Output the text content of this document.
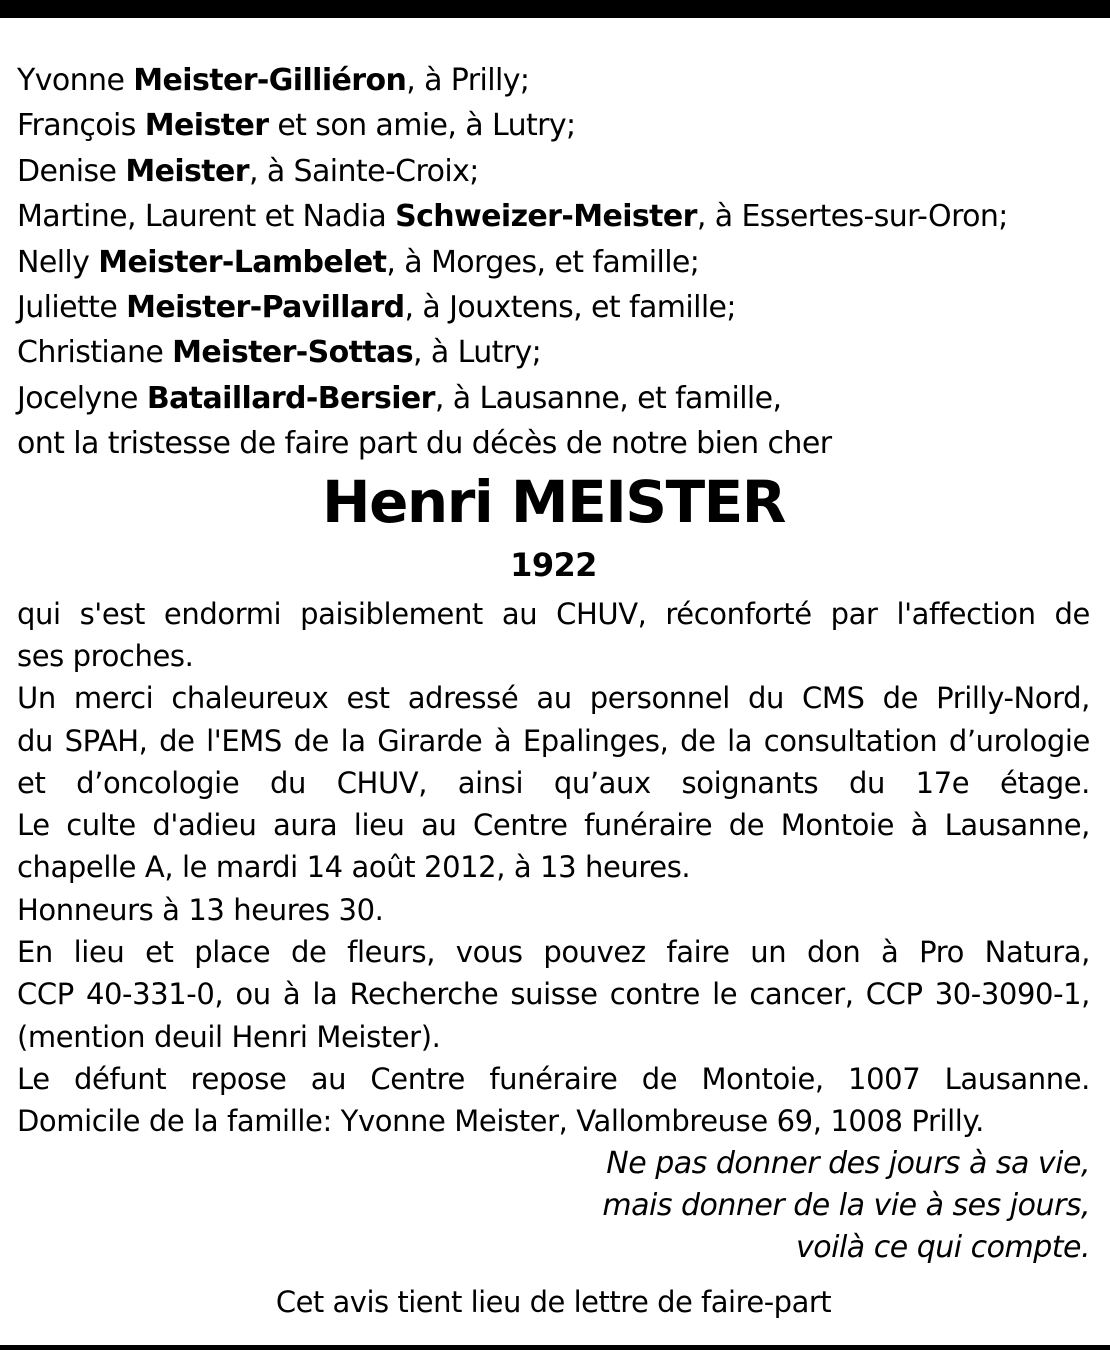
Yvonne Meister-Gilliéron, à Prilly;
François Meister et son amie, à Lutry;
Denise Meister, à Sainte-Croix;
Martine, Laurent et Nadia Schweizer-Meister, à Essertes-sur-Oron;
Nelly Meister-Lambelet, à Morges, et famille;
Juliette Meister-Pavillard, à Jouxtens, et famille;
Christiane Meister-Sottas, à Lutry;
Jocelyne Bataillard-Bersier, à Lausanne, et famille,
ont la tristesse de faire part du décès de notre bien cher
Henri MEISTER
1922
qui s'est endormi paisiblement au CHUV, réconforté par l'affection de
ses proches.
Un merci chaleureux est adressé au personnel du CMS de Prilly-Nord,
du SPAH, de l'EMS de la Girarde à Epalinges, de la consultation d’urologie
et d’oncologie du CHUV, ainsi qu’aux soignants du 17e étage.
Le culte d'adieu aura lieu au Centre funéraire de Montoie à Lausanne,
chapelle A, le mardi 14 août 2012, à 13 heures.
Honneurs à 13 heures 30.
En lieu et place de fleurs, vous pouvez faire un don à Pro Natura,
CCP 40-331-0, ou à la Recherche suisse contre le cancer, CCP 30-3090-1,
(mention deuil Henri Meister).
Le défunt repose au Centre funéraire de Montoie, 1007 Lausanne.
Domicile de la famille: Yvonne Meister, Vallombreuse 69, 1008 Prilly.
Ne pas donner des jours à sa vie,
mais donner de la vie à ses jours,
voilà ce qui compte.
Cet avis tient lieu de lettre de faire-part
